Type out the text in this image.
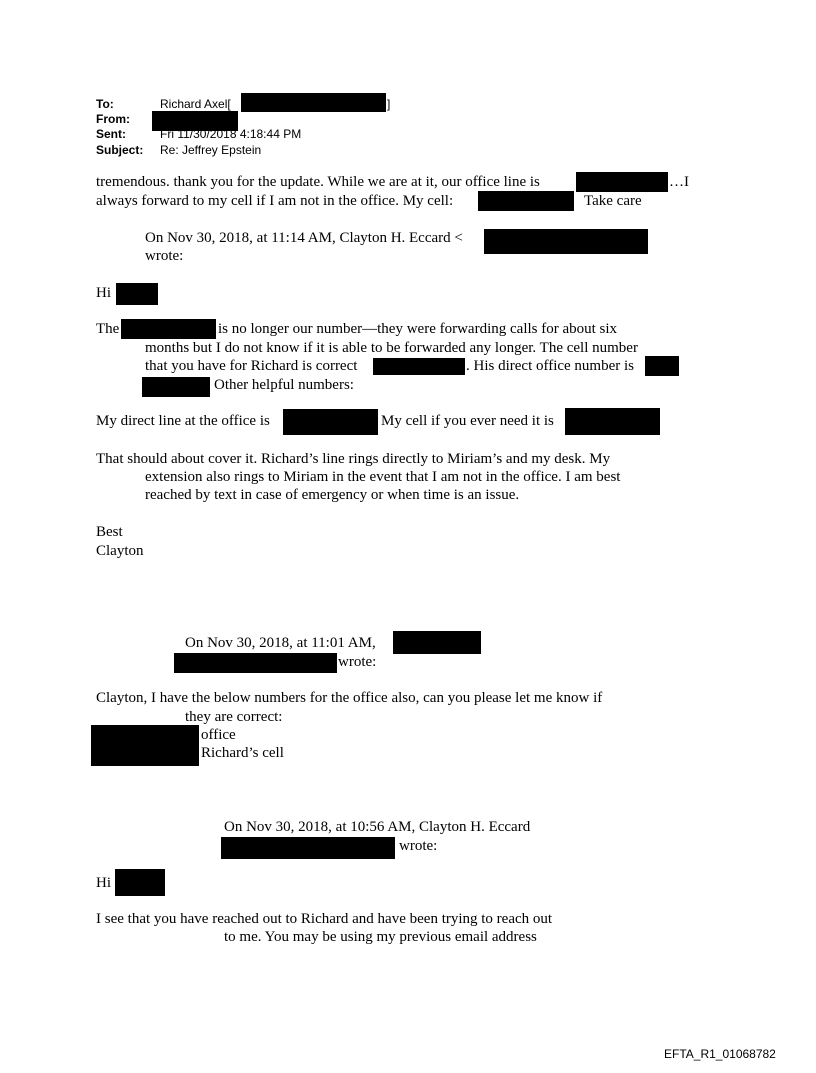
To:	Richard Axel[	]
From:
Sent:	Fri 11/30/2018 4:18:44 PM
Subject: Re: Jeffrey Epstein
tremendous. thank you for the update. While we are at it, our office line is	…I
always forward to my cell if I am not in the office. My cell:	Take care
On Nov 30, 2018, at 11:14 AM, Clayton H. Eccard <
wrote:
Hi
The	is no longer our number—they were forwarding calls for about six
months but I do not know if it is able to be forwarded any longer. The cell number
that you have for Richard is correct	. His direct office number is
Other helpful numbers:
My direct line at the office is	My cell if you ever need it is
That should about cover it. Richard’s line rings directly to Miriam’s and my desk. My
extension also rings to Miriam in the event that I am not in the office. I am best
reached by text in case of emergency or when time is an issue.
Best
Clayton
On Nov 30, 2018, at 11:01 AM,
wrote:
Clayton, I have the below numbers for the office also, can you please let me know if
they are correct:
office
Richard’s cell
On Nov 30, 2018, at 10:56 AM, Clayton H. Eccard
wrote:
Hi
I see that you have reached out to Richard and have been trying to reach out
to me. You may be using my previous email address
EFTA_R1_01068782
